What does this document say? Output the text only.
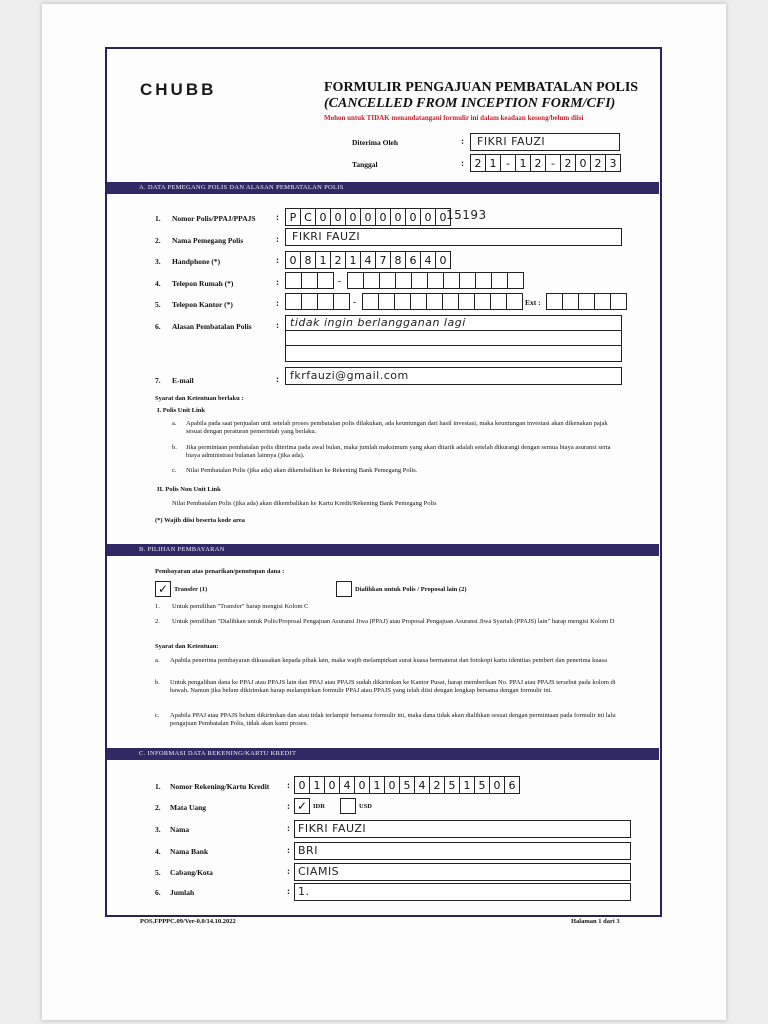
CHUBB	FORMULIR PENGAJUAN PEMBATALAN POLIS
(CANCELLED FROM INCEPTION FORM/CFI)
Mohon untuk TIDAK menandatangani formulir ini dalam keadaan kosong/belum diisi
Diterima Oleh	: FIKRI FAUZI
Tanggal	: 2 1 - 1 2 - 2 0 2 3
A. DATA PEMEGANG POLIS DAN ALASAN PEMBATALAN POLIS
1. Nomor Polis/PPAJ/PPAJS : P C 0 0 0 0 0 0 0 0 0 15193
2. Nama Pemegang Polis	: FIKRI FAUZI
3. Handphone (*)	: 0 8 1 2 1 4 7 8 6 4 0
4. Telepon Rumah (*)	:	-
5. Telepon Kantor (*)	:	-	Ext :
6. Alasan Pembatalan Polis	: tidak ingin berlangganan lagi
7. E-mail	: fkrfauzi@gmail.com
Syarat dan Ketentuan berlaku :
I. Polis Unit Link
a. Apabila pada saat penjualan unit setelah proses pembatalan polis dilakukan, ada keuntungan dari hasil investasi, maka keuntungan investasi akan dikenakan pajak sesuai dengan peraturan pemerintah yang berlaku.
b. Jika permintaan pembatalan polis diterima pada awal bulan, maka jumlah maksimum yang akan ditarik adalah setelah dikurangi dengan semua biaya asuransi serta biaya administrasi bulanan lainnya (jika ada).
c. Nilai Pembatalan Polis (jika ada) akan dikembalikan ke Rekening Bank Pemegang Polis.
II. Polis Non Unit Link
Nilai Pembatalan Polis (jika ada) akan dikembalikan ke Kartu Kredit/Rekening Bank Pemegang Polis
(*) Wajib diisi beserta kode area
B. PILIHAN PEMBAYARAN
Pembayaran atas penarikan/penutupan dana :
✓ Transfer (1)	Dialihkan untuk Polis / Proposal lain (2)
1. Untuk pemilihan "Transfer" harap mengisi Kolom C
2. Untuk pemilihan "Dialihkan untuk Polis/Proposal Pengajuan Asuransi Jiwa (PPAJ) atau Proposal Pengajuan Asuransi Jiwa Syariah (PPAJS) lain" harap mengisi Kolom D
Syarat dan Ketentuan:
a. Apabila penerima pembayaran dikuasakan kepada pihak lain, maka wajib melampirkan surat kuasa bermaterai dan fotokopi kartu identitas pemberi dan penerima kuasa
b. Untuk pengalihan dana ke PPAJ atau PPAJS lain dan PPAJ atau PPAJS sudah dikirimkan ke Kantor Pusat, harap memberikan No. PPAJ atau PPAJS tersebut pada kolom di bawah. Namun jika belum dikirimkan harap melampirkan formulir PPAJ atau PPAJS yang telah diisi dengan lengkap bersama dengan formulir ini.
c. Apabila PPAJ atau PPAJS belum dikirimkan dan atau tidak terlampir bersama formulir ini, maka dana tidak akan dialihkan sesuai dengan permintaan pada formulir ini lalu pengajuan Pembatalan Polis, tidak akan kami proses.
C. INFORMASI DATA REKENING/KARTU KREDIT
1. Nomor Rekening/Kartu Kredit : 0 1 0 4 0 1 0 5 4 2 5 1 5 0 6
2. Mata Uang	: ✓ IDR	USD
3. Nama	: FIKRI FAUZI
4. Nama Bank	: BRI
5. Cabang/Kota	: CIAMIS
6. Jumlah	: 1.
POS.FPPPC.09/Ver-0.0/14.10.2022	Halaman 1 dari 3
